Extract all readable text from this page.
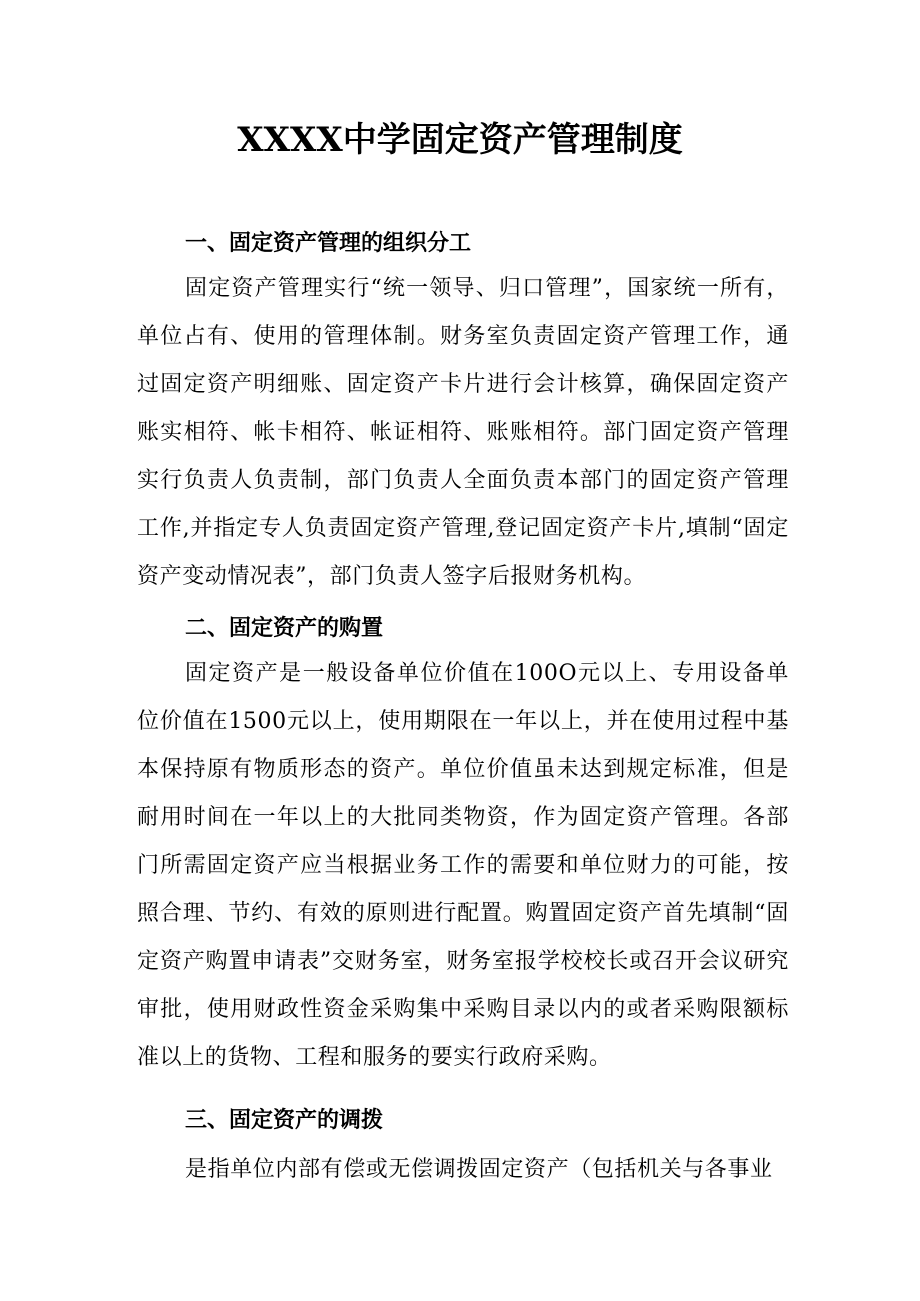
XXXX中学固定资产管理制度
一、固定资产管理的组织分工

固定资产管理实行“统一领导、归口管理”，国家统一所有，单位占有、使用的管理体制。财务室负责固定资产管理工作，通过固定资产明细账、固定资产卡片进行会计核算，确保固定资产账实相符、帐卡相符、帐证相符、账账相符。部门固定资产管理实行负责人负责制，部门负责人全面负责本部门的固定资产管理工作,并指定专人负责固定资产管理,登记固定资产卡片,填制“固定资产变动情况表”，部门负责人签字后报财务机构。

二、固定资产的购置

固定资产是一般设备单位价值在100O元以上、专用设备单位价值在1500元以上，使用期限在一年以上，并在使用过程中基本保持原有物质形态的资产。单位价值虽未达到规定标准，但是耐用时间在一年以上的大批同类物资，作为固定资产管理。各部门所需固定资产应当根据业务工作的需要和单位财力的可能，按照合理、节约、有效的原则进行配置。购置固定资产首先填制“固定资产购置申请表”交财务室，财务室报学校校长或召开会议研究审批，使用财政性资金采购集中采购目录以内的或者采购限额标准以上的货物、工程和服务的要实行政府采购。

三、固定资产的调拨

是指单位内部有偿或无偿调拨固定资产（包括机关与各事业
